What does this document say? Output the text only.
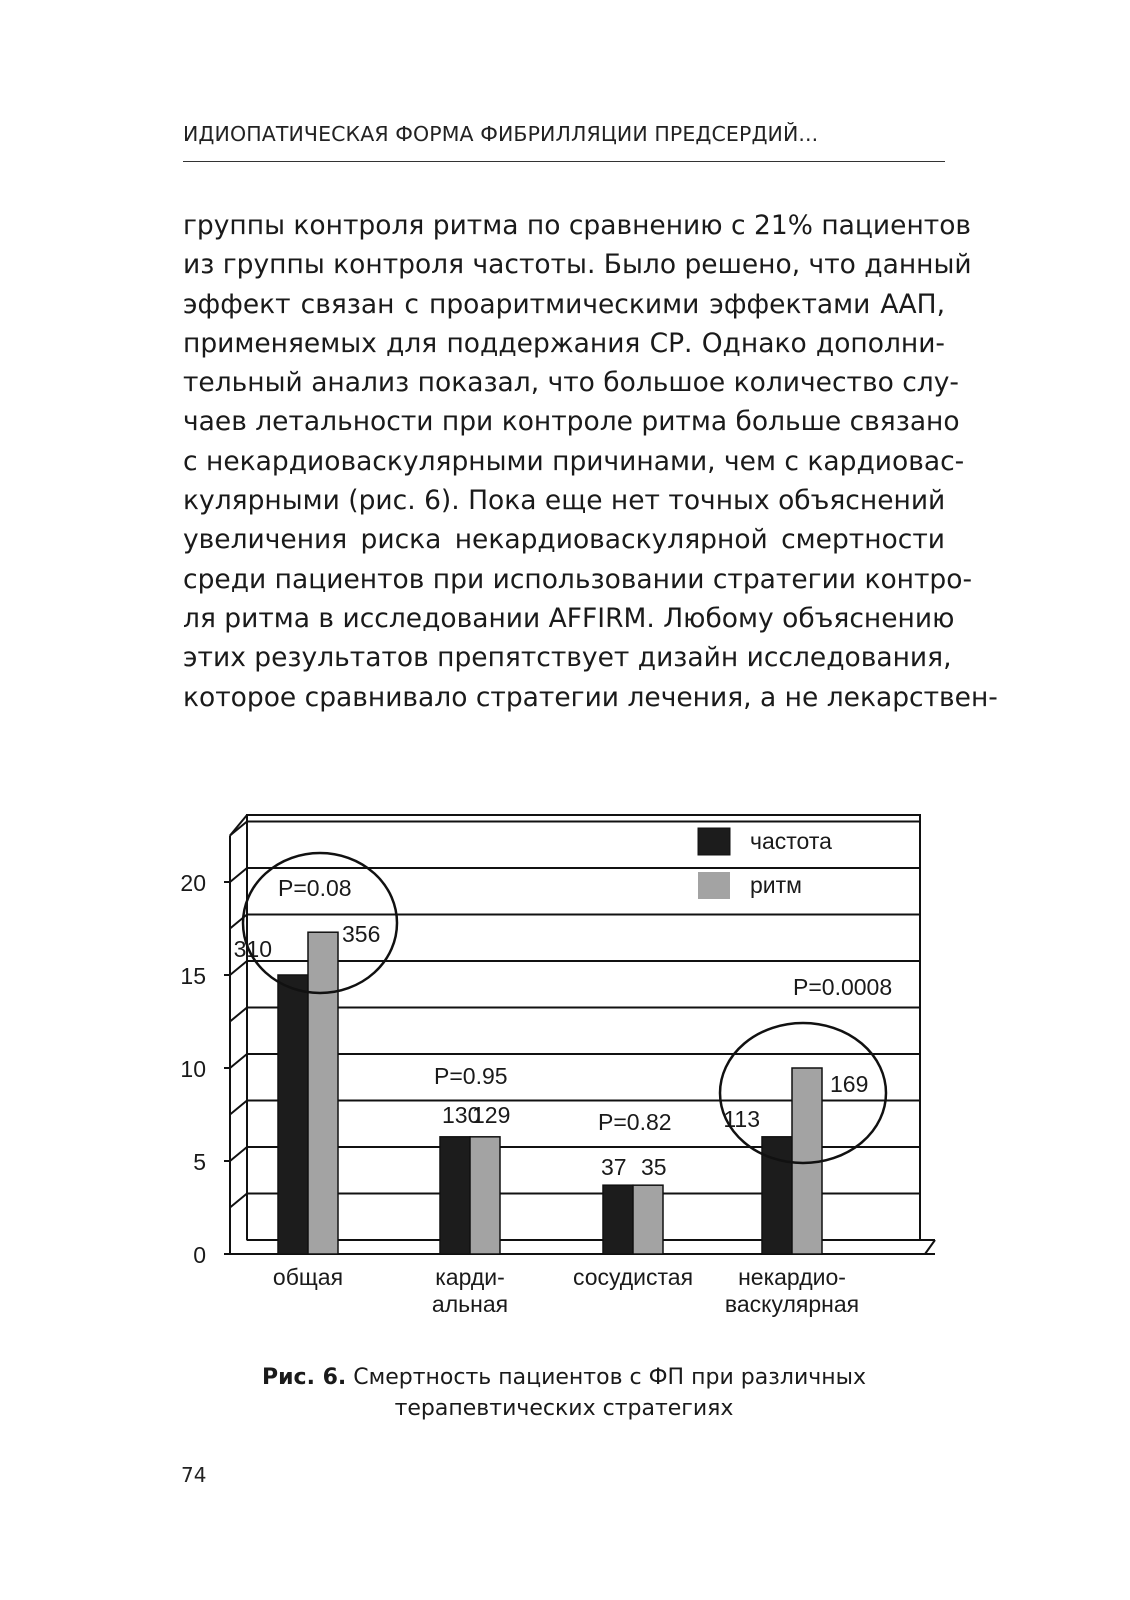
ИДИОПАТИЧЕСКАЯ ФОРМА ФИБРИЛЛЯЦИИ ПРЕДСЕРДИЙ...
группы контроля ритма по сравнению с 21% пациентов
из группы контроля частоты. Было решено, что данный
эффект связан с проаритмическими эффектами ААП,
применяемых для поддержания СР. Однако дополни-
тельный анализ показал, что большое количество слу-
чаев летальности при контроле ритма больше связано
с некардиоваскулярными причинами, чем с кардиовас-
кулярными (рис. 6). Пока еще нет точных объяснений
увеличения риска некардиоваскулярной смертности
среди пациентов при использовании стратегии контро-
ля ритма в исследовании AFFIRM. Любому объяснению
этих результатов препятствует дизайн исследования,
которое сравнивало стратегии лечения, а не лекарствен-
0
5
10
15
20
310
356
P=0.08
общая
130
129
P=0.95
карди-
альная
37 35
P=0.82
сосудистая
113
169
P=0.0008
некардио-
васкулярная
частота
ритм
Рис. 6. Смертность пациентов с ФП при различных
терапевтических стратегиях
74
